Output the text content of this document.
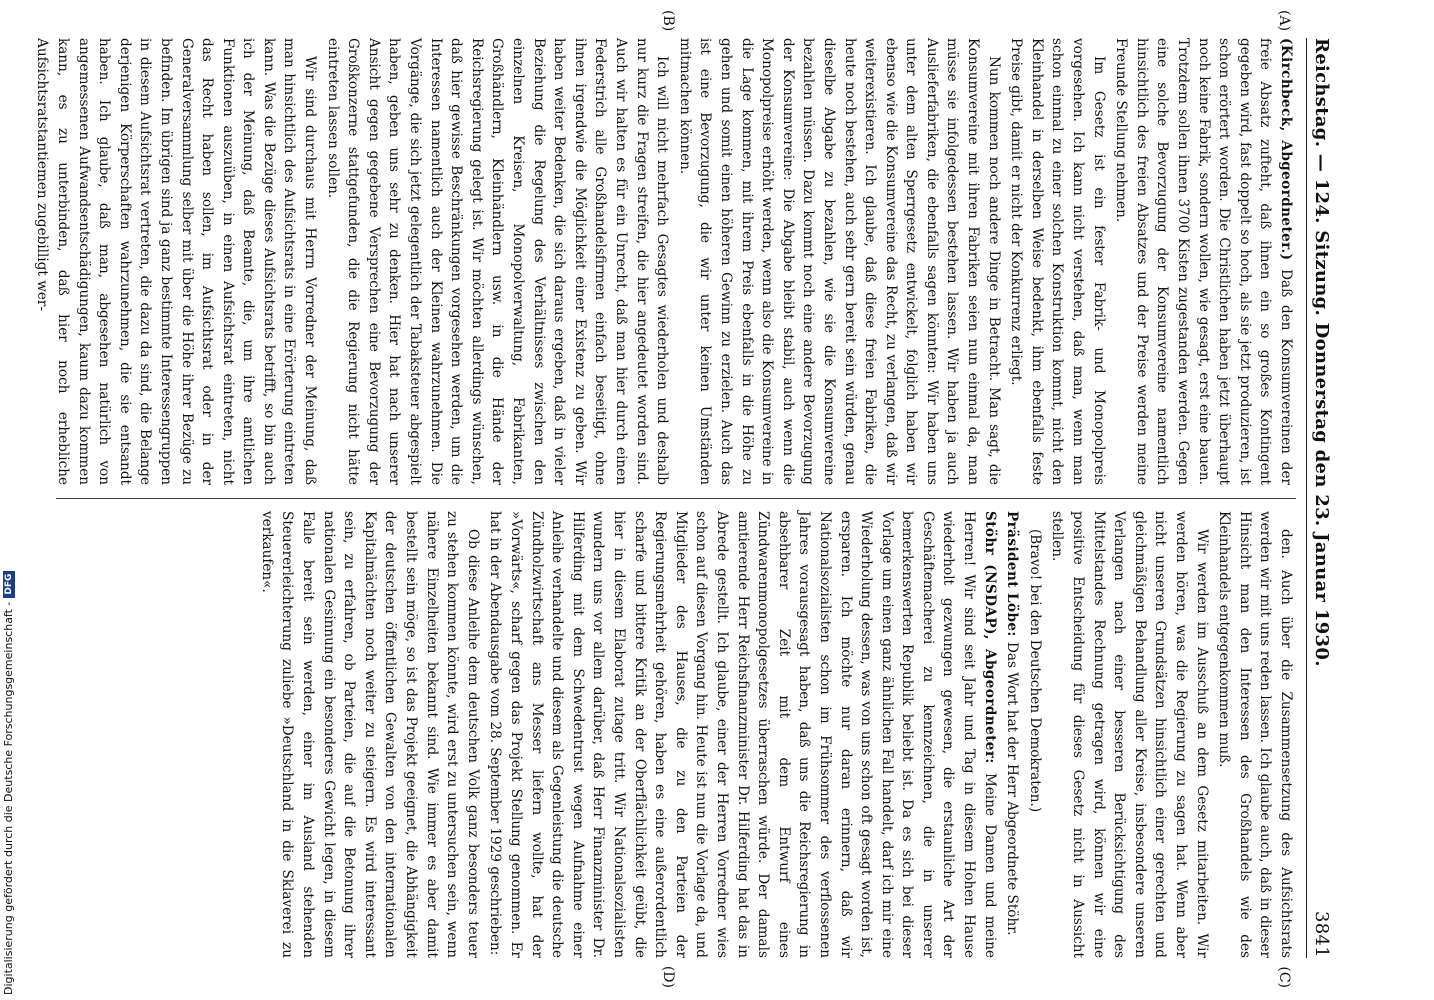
Reichstag. — 124. Sitzung. Donnerstag den 23. Januar 1930.
3841
(A)
(B)
(C)
(D)

(Kirchbeck, Abgeordneter.) Daß den Konsumvereinen der freie Absatz zufteht, daß ihnen ein so großes Kontingent gegeben wird, fast doppelt so hoch, als sie jetzt produzieren, ist schon erörtert worden. Die Christlichen haben jetzt überhaupt noch keine Fabrik, sondern wollen, wie gesagt, erst eine bauen. Trotzdem sollen ihnen 3700 Kisten zugestanden werden. Gegen eine solche Bevorzugung der Konsumvereine namentlich hinsichtlich des freien Absatzes und der Preise werden meine Freunde Stellung nehmen.

Im Gesetz ist ein fester Fabrik- und Monopolpreis vorgesehen. Ich kann nicht verstehen, daß man, wenn man schon einmal zu einer solchen Konstruktion kommt, nicht den Kleinhandel in derselben Weise bedenkt, ihm ebenfalls feste Preise gibt, damit er nicht der Konkurrenz erliegt.

Nun kommen noch andere Dinge in Betracht. Man sagt, die Konsumvereine mit ihren Fabriken seien nun einmal da, man müsse sie infolgedessen bestehen lassen. Wir haben ja auch Auslieferfabriken, die ebenfalls sagen könnten: Wir haben uns unter dem alten Sperrgesetz entwickelt, folglich haben wir ebenso wie die Konsumvereine das Recht, zu verlangen, daß wir weiterexistieren. Ich glaube, daß diese freien Fabriken, die heute noch bestehen, auch sehr gern bereit sein würden, genau dieselbe Abgabe zu bezahlen, wie sie die Konsumvereine bezahlen müssen. Dazu kommt noch eine andere Bevorzugung der Konsumvereine: Die Abgabe bleibt stabil, auch wenn die Monopolpreise erhöht werden, wenn also die Konsumvereine in die Lage kommen, mit ihrem Preis ebenfalls in die Höhe zu gehen und somit einen höheren Gewinn zu erzielen. Auch das ist eine Bevorzugung, die wir unter keinen Umständen mitmachen können.

Ich will nicht mehrfach Gesagtes wiederholen und deshalb nur kurz die Fragen streifen, die hier angedeutet worden sind. Auch wir halten es für ein Unrecht, daß man hier durch einen Federstrich alle Großhandelsfirmen einfach beseitigt, ohne ihnen irgendwie die Möglichkeit einer Existenz zu geben. Wir haben weiter Bedenken, die sich daraus ergeben, daß in vieler Beziehung die Regelung des Verhältnisses zwischen den einzelnen Kreisen, Monopolverwaltung, Fabrikanten, Großhändlern, Kleinhändlern usw. in die Hände der Reichsregierung gelegt ist. Wir möchten allerdings wünschen, daß hier gewisse Beschränkungen vorgesehen werden, um die Interessen namentlich auch der Kleinen wahrzunehmen. Die Vorgänge, die sich jetzt gelegentlich der Tabaksteuer abgespielt haben, geben uns sehr zu denken. Hier hat nach unserer Ansicht gegen gegebene Versprechen eine Bevorzugung der Großkonzerne stattgefunden, die die Regierung nicht hätte eintreten lassen sollen.

Wir sind durchaus mit Herrn Vorredner der Meinung, daß man hinsichtlich des Aufsichtsrats in eine Erörterung eintreten kann. Was die Bezüge dieses Aufsichtsrats betrifft, so bin auch ich der Meinung, daß Beamte, die, um ihre amtlichen Funktionen auszuüben, in einen Aufsichtsrat eintreten, nicht das Recht haben sollen, im Aufsichtsrat oder in der Generalversammlung selber mit über die Höhe ihrer Bezüge zu befinden. Im übrigen sind ja ganz bestimmte Interessengruppen in diesem Aufsichtsrat vertreten, die dazu da sind, die Belange derjenigen Körperschaften wahrzunehmen, die sie entsandt haben. Ich glaube, daß man, abgesehen natürlich von angemessenen Aufwandsentschädigungen, kaum dazu kommen kann, es zu unterbinden, daß hier noch erhebliche Aufsichtsratstantiemen zugebilligt wer-

den. Auch über die Zusammensetzung des Aufsichtsrats werden wir mit uns reden lassen. Ich glaube auch, daß in dieser Hinsicht man den Interessen des Großhandels wie des Kleinhandels entgegenkommen muß.

Wir werden im Ausschuß an dem Gesetz mitarbeiten. Wir werden hören, was die Regierung zu sagen hat. Wenn aber nicht unseren Grundsätzen hinsichtlich einer gerechten und gleichmäßigen Behandlung aller Kreise, insbesondere unseren Verlangen nach einer besseren Berücksichtigung des Mittelstandes Rechnung getragen wird, können wir eine positive Entscheidung für dieses Gesetz nicht in Aussicht stellen.

(Bravo! bei den Deutschen Demokraten.)

Präsident Löbe: Das Wort hat der Herr Abgeordnete Stöhr.

Stöhr (NSDAP), Abgeordneter: Meine Damen und meine Herren! Wir sind seit Jahr und Tag in diesem Hohen Hause wiederholt gezwungen gewesen, die erstaunliche Art der Geschäftemacherei zu kennzeichnen, die in unserer bemerkenswerten Republik beliebt ist. Da es sich bei dieser Vorlage um einen ganz ähnlichen Fall handelt, darf ich mir eine Wiederholung dessen, was von uns schon oft gesagt worden ist, ersparen. Ich möchte nur daran erinnern, daß wir Nationalsozialisten schon im Frühsommer des verflossenen Jahres vorausgesagt haben, daß uns die Reichsregierung in absehbarer Zeit mit dem Entwurf eines Zündwarenmonopolgesetzes überraschen würde. Der damals amtierende Herr Reichsfinanzminister Dr. Hilferding hat das in Abrede gestellt. Ich glaube, einer der Herren Vorredner wies schon auf diesen Vorgang hin. Heute ist nun die Vorlage da, und Mitglieder des Hauses, die zu den Parteien der Regierungsmehrheit gehören, haben es eine außerordentlich scharfe und bittere Kritik an der Oberflächlichkeit geübt, die hier in diesem Elaborat zutage tritt. Wir Nationalsozialisten wundern uns vor allem darüber, daß Herr Finanzminister Dr. Hilferding mit dem Schwedentrust wegen Aufnahme einer Anleihe verhandelte und diesem als Gegenleistung die deutsche Zündholzwirtschaft ans Messer liefern wollte, hat der »Vorwärts«, scharf gegen das Projekt Stellung genommen. Er hat in der Abendausgabe vom 28. September 1929 geschrieben:

Ob diese Anleihe dem deutschen Volk ganz besonders teuer zu stehen kommen könnte, wird erst zu untersuchen sein, wenn nähere Einzelheiten bekannt sind. Wie immer es aber damit bestellt sein möge, so ist das Projekt geeignet, die Abhängigkeit der deutschen öffentlichen Gewalten von den internationalen Kapitalmächten noch weiter zu steigern. Es wird interessant sein, zu erfahren, ob Parteien, die auf die Betonung ihrer nationalen Gesinnung ein besonderes Gewicht legen, in diesem Falle bereit sein werden, einer im Ausland stehenden Steuererleichterung zuliebe »Deutschland in die Sklaverei zu verkaufen«.

Digitalisierung gefördert durch die Deutsche Forschungsgemeinschaft -
DFG
